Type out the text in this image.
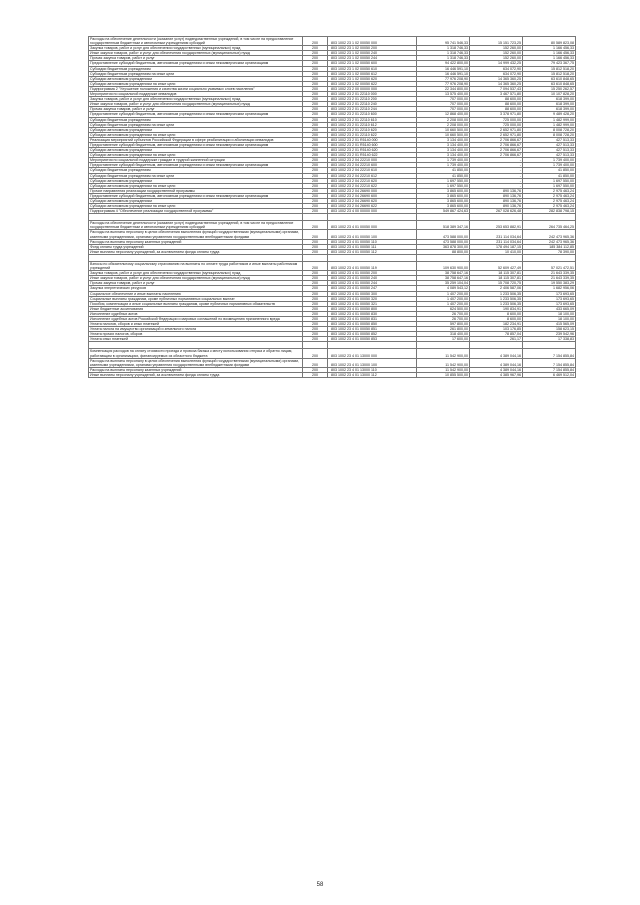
Расходы на обеспечение деятельности (оказание услуг) подведомственных учреждений, в том числе на предоставление государственным бюджетным и автономным учреждениям субсидий	200	803 1002 23 1 02 00050 000	95 741 546,33	15 151 723,25	80 589 823,08
Закупка товаров, работ и услуг для обеспечения государственных (муниципальных) нужд	200	803 1002 23 1 02 00050 200	1 318 746,33	152 260,00	1 166 456,33
Иные закупки товаров, работ и услуг для обеспечения государственных (муниципальных) нужд	200	803 1002 23 1 02 00050 240	1 318 746,33	152 260,00	1 166 456,33
Прочая закупка товаров, работ и услуг	200	803 1002 23 1 02 00050 244	1 318 746,33	152 260,00	1 166 456,33
Предоставление субсидий бюджетным, автономным учреждениям и иным некоммерческим организациям	200	803 1002 23 1 02 00050 600	94 422 800,00	14 999 432,25	79 423 367,75
Субсидии бюджетным учреждениям	200	803 1002 23 1 02 00050 610	16 446 591,10	634 072,90	15 812 518,20
Субсидии бюджетным учреждениям на иные цели	200	803 1002 23 1 02 00050 612	16 446 591,10	634 072,90	15 812 518,20
Субсидии автономным учреждениям	200	803 1002 23 1 02 00050 620	77 976 208,90	14 365 360,25	63 610 848,65
Субсидии автономным учреждениям на иные цели	200	803 1002 23 1 02 00050 622	77 976 208,90	14 365 360,25	63 610 848,65
Подпрограмма 2 "Улучшение положения и качества жизни социально уязвимых слоев населения"	200	803 1002 23 2 00 00000 000	22 344 800,00	7 094 537,43	15 250 262,57
Мероприятия по социальной поддержке инвалидов	200	803 1002 23 2 01 22110 000	13 575 400,00	3 467 571,80	10 107 828,20
Закупка товаров, работ и услуг для обеспечения государственных (муниципальных) нужд	200	803 1002 23 2 01 22110 200	707 000,00	88 600,00	618 399,00
Иные закупки товаров, работ и услуг для обеспечения государственных (муниципальных) нужд	200	803 1002 23 2 01 22110 240	707 000,00	88 600,00	618 399,00
Прочая закупка товаров, работ и услуг	200	803 1002 23 2 01 22110 244	707 000,00	88 600,00	618 399,00
Предоставление субсидий бюджетным, автономным учреждениям и иным некоммерческим организациям	200	803 1002 23 2 01 22110 600	12 868 400,00	3 378 971,80	9 489 428,20
Субсидии бюджетным учреждениям	200	803 1002 23 2 01 22110 610	2 208 000,00	725 000,00	1 482 999,00
Субсидии бюджетным учреждениям на иные цели	200	803 1002 23 2 01 22110 612	2 208 000,00	725 000,00	1 482 999,00
Субсидии автономным учреждениям	200	803 1002 23 2 01 22110 620	10 660 500,00	2 652 971,80	8 008 728,20
Субсидии автономным учреждениям на иные цели	200	803 1002 23 2 01 22110 622	10 660 500,00	2 652 971,80	8 008 728,20
Реализация мероприятий субъектов Российской Федерации в сфере реабилитации и абилитации инвалидов	200	803 1002 23 2 01 R5140 000	3 134 400,00	2 706 866,67	427 513,33
Предоставление субсидий бюджетным, автономным учреждениям и иным некоммерческим организациям	200	803 1002 23 2 01 R5140 600	3 134 400,00	2 706 866,67	427 513,33
Субсидии автономным учреждениям	200	803 1002 23 2 01 R5140 620	3 134 400,00	2 706 866,67	427 513,33
Субсидии автономным учреждениям на иные цели	200	803 1002 23 2 01 R5140 622	3 134 400,00	2 706 866,67	427 513,33
Мероприятия по социальной поддержке граждан в трудной жизненной ситуации	200	803 1002 23 2 04 22210 000	1 739 400,00	-	1 739 400,00
Предоставление субсидий бюджетным, автономным учреждениям и иным некоммерческим организациям	200	803 1002 23 2 04 22210 600	1 739 400,00	-	1 739 400,00
Субсидии бюджетным учреждениям	200	803 1002 23 2 04 22210 610	41 850,00	-	41 850,00
Субсидии бюджетным учреждениям на иные цели	200	803 1002 23 2 04 22210 612	41 850,00	-	41 850,00
Субсидии автономным учреждениям	200	803 1002 23 2 04 22210 620	1 697 550,00	-	1 697 550,00
Субсидии автономным учреждениям на иные цели	200	803 1002 23 2 04 22210 622	1 697 550,00	-	1 697 550,00
Прочие направления реализации государственной программы	200	803 1002 23 2 04 26690 000	3 865 600,00	890 136,76	2 975 463,24
Предоставление субсидий бюджетным, автономным учреждениям и иным некоммерческим организациям	200	803 1002 23 2 04 26690 600	3 865 600,00	890 136,76	2 975 463,24
Субсидии автономным учреждениям	200	803 1002 23 2 04 26690 620	3 865 600,00	890 136,76	2 975 463,24
Субсидии автономным учреждениям на иные цели	200	803 1002 23 2 04 26690 622	3 865 600,00	890 136,76	2 975 463,24
Подпрограмма 4 "Обеспечение реализации государственной программы"	200	803 1002 23 4 00 00000 000	549 867 424,63	267 028 626,48	282 838 798,15

Расходы на обеспечение деятельности (оказание услуг) подведомственных учреждений, в том числе на предоставление государственным бюджетным и автономным учреждениям субсидий	200	803 1002 23 4 01 00050 000	518 389 347,16	253 653 882,91	264 735 464,25
Расходы на выплаты персоналу в целях обеспечения выполнения функций государственными (муниципальными) органами, казенными учреждениями, органами управления государственными внебюджетными фондами	200	803 1002 23 4 01 00050 100	473 588 000,00	231 114 034,64	242 473 965,36
Расходы на выплаты персоналу казенных учреждений	200	803 1002 23 4 01 00050 110	473 588 000,00	231 114 034,64	242 473 965,36
Фонд оплаты труда учреждений	200	803 1002 23 4 01 00050 111	363 878 300,00	178 494 187,15	185 384 112,85
Иные выплаты персоналу учреждений, за исключением фонда оплаты труда	200	803 1002 23 4 01 00050 112	88 800,00	10 410,00	78 390,00

Взносы по обязательному социальному страхованию на выплаты по оплате труда работников и иные выплаты работникам учреждений	200	803 1002 23 4 01 00050 119	109 630 900,00	52 609 427,49	57 021 472,51
Закупка товаров, работ и услуг для обеспечения государственных (муниципальных) нужд	200	803 1002 23 4 01 00050 200	38 758 647,16	18 115 307,81	21 643 339,35
Иные закупки товаров, работ и услуг для обеспечения государственных (муниципальных) нужд	200	803 1002 23 4 01 00050 240	38 758 647,16	18 115 307,81	21 643 339,35
Прочая закупка товаров, работ и услуг	200	803 1002 23 4 01 00050 244	35 259 104,04	15 708 720,75	19 550 383,29
Закупка энергетических ресурсов	200	803 1002 23 4 01 00050 247	4 089 543,12	2 406 587,06	1 682 956,06
Социальное обеспечение и иные выплаты населению	200	803 1002 23 4 01 00050 300	1 407 200,00	1 233 506,35	173 693,65
Социальные выплаты гражданам, кроме публичных нормативных социальных выплат	200	803 1002 23 4 01 00050 320	1 407 200,00	1 233 506,35	173 693,65
Пособия, компенсации и иные социальные выплаты гражданам, кроме публичных нормативных обязательств	200	803 1002 23 4 01 00050 321	1 407 200,00	1 233 506,35	173 693,65
Иные бюджетные ассигнования	200	803 1002 23 4 01 00050 800	624 500,00	190 834,91	433 665,09
Исполнение судебных актов	200	803 1002 23 4 01 00050 830	26 700,00	8 600,00	18 100,00
Исполнение судебных актов Российской Федерации и мировых соглашений по возмещению причиненного вреда	200	803 1002 23 4 01 00050 831	26 700,00	8 600,00	18 100,00
Уплата налогов, сборов и иных платежей	200	803 1002 23 4 01 00050 850	597 800,00	182 234,91	415 565,09
Уплата налога на имущество организаций и земельного налога	200	803 1002 23 4 01 00050 851	261 800,00	103 176,85	158 623,15
Уплата прочих налогов, сборов	200	803 1002 23 4 01 00050 852	318 400,00	78 857,04	239 542,96
Уплата иных платежей	200	803 1002 23 4 01 00050 853	17 600,00	261,17	17 338,83

Компенсация расходов на оплату стоимости проезда и провоза багажа к месту использования отпуска и обратно лицам, работающим в организациях, финансируемых из областного бюджета	200	803 1002 23 4 01 13000 000	11 542 900,00	4 389 044,16	7 154 855,84
Расходы на выплаты персоналу в целях обеспечения выполнения функций государственными (муниципальными) органами, казенными учреждениями, органами управления государственными внебюджетными фондами	200	803 1002 23 4 01 13000 100	11 542 900,00	4 389 044,16	7 154 855,84
Расходы на выплаты персоналу казенных учреждений	200	803 1002 23 4 01 13000 110	11 542 900,00	4 389 044,16	7 154 855,84
Иные выплаты персоналу учреждений, за исключением фонда оплаты труда	200	803 1002 23 4 01 13000 112	10 855 500,00	4 385 967,96	6 469 512,04
58
